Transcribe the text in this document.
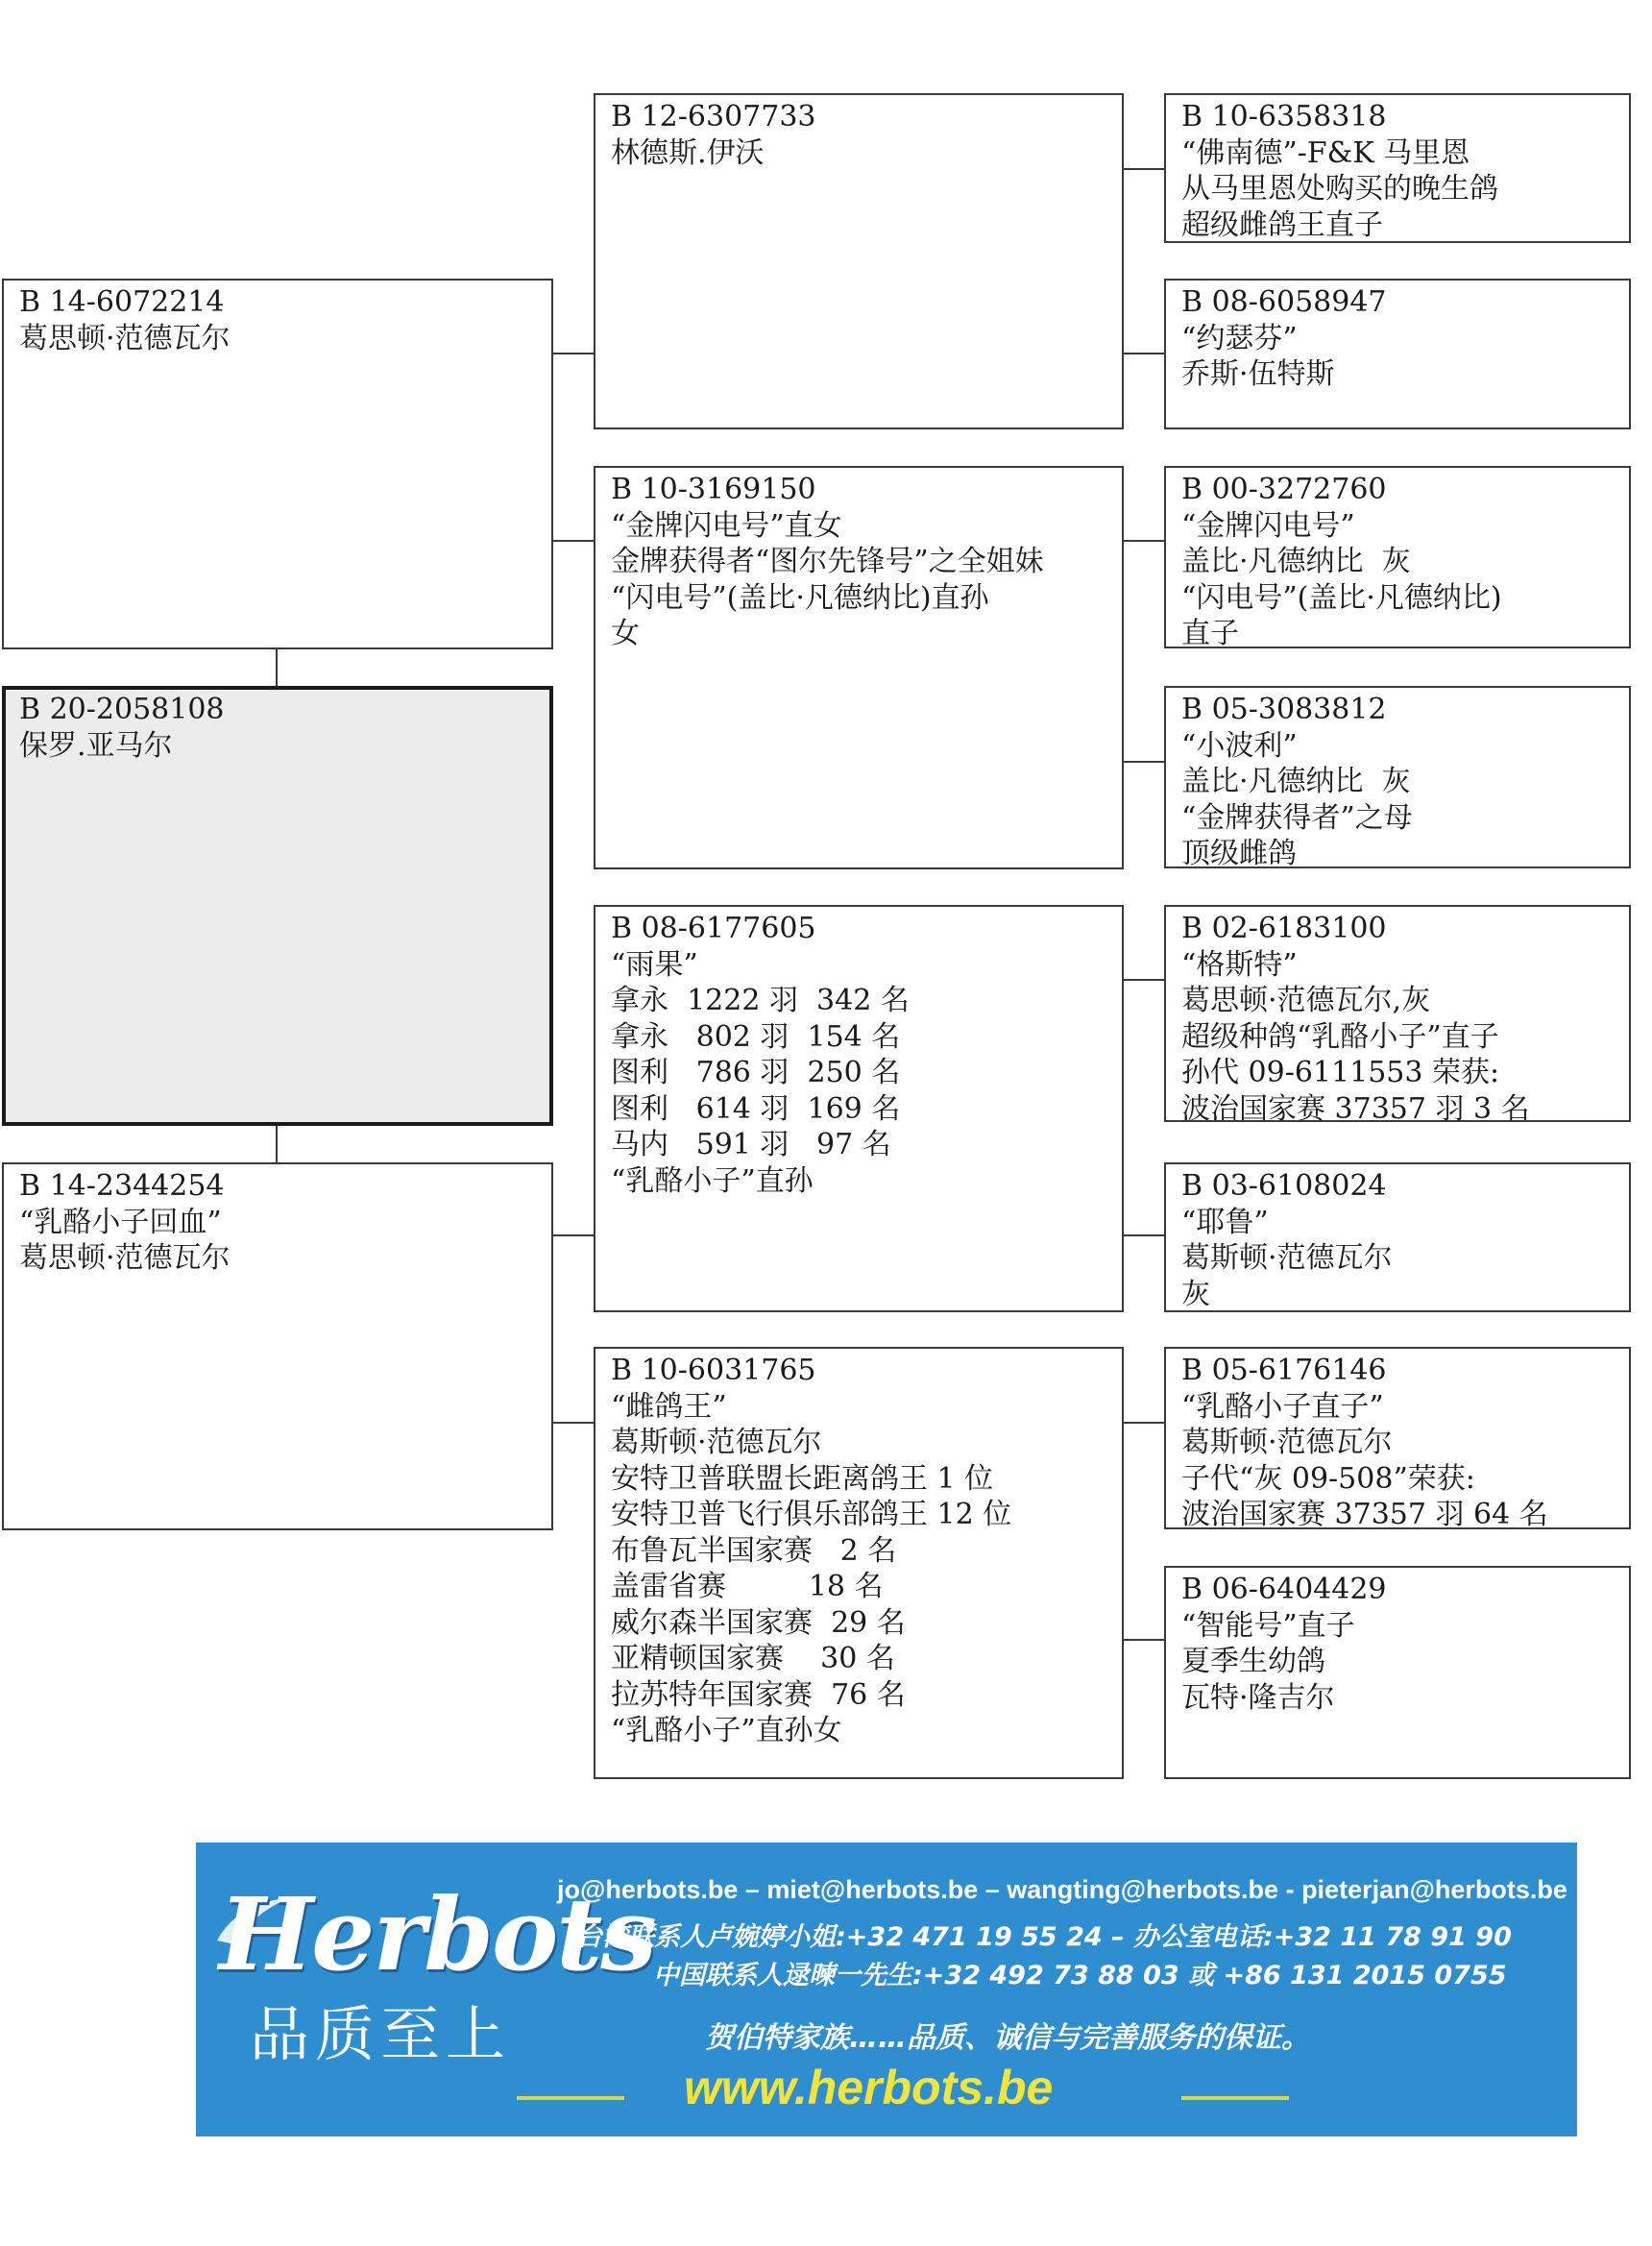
B 20-2058108
保罗.亚马尔
B 14-6072214
葛思顿·范德瓦尔
B 14-2344254
“乳酪小子回血”
葛思顿·范德瓦尔
B 12-6307733
林德斯.伊沃
B 10-3169150
“金牌闪电号”直女
金牌获得者“图尔先锋号”之全姐妹
“闪电号”(盖比·凡德纳比)直孙
女
B 08-6177605
“雨果”
拿永  1222 羽  342 名
拿永   802 羽  154 名
图利   786 羽  250 名
图利   614 羽  169 名
马内   591 羽   97 名
“乳酪小子”直孙
B 10-6031765
“雌鸽王”
葛斯顿·范德瓦尔
安特卫普联盟长距离鸽王 1 位
安特卫普飞行俱乐部鸽王 12 位
布鲁瓦半国家赛   2 名
盖雷省赛         18 名
威尔森半国家赛  29 名
亚精顿国家赛    30 名
拉苏特年国家赛  76 名
“乳酪小子”直孙女
B 10-6358318
“佛南德”-F&K 马里恩
从马里恩处购买的晚生鸽
超级雌鸽王直子
B 08-6058947
“约瑟芬”
乔斯·伍特斯
B 00-3272760
“金牌闪电号”
盖比·凡德纳比  灰
“闪电号”(盖比·凡德纳比)
直子
B 05-3083812
“小波利”
盖比·凡德纳比  灰
“金牌获得者”之母
顶级雌鸽
B 02-6183100
“格斯特”
葛思顿·范德瓦尔,灰
超级种鸽“乳酪小子”直子
孙代 09-6111553 荣获:
波治国家赛 37357 羽 3 名
B 03-6108024
“耶鲁”
葛斯顿·范德瓦尔
灰
B 05-6176146
“乳酪小子直子”
葛斯顿·范德瓦尔
子代“灰 09-508”荣获:
波治国家赛 37357 羽 64 名
B 06-6404429
“智能号”直子
夏季生幼鸽
瓦特·隆吉尔
Herbots
品质至上
jo@herbots.be – miet@herbots.be – wangting@herbots.be - pieterjan@herbots.be
台湾联系人卢婉婷小姐:+32 471 19 55 24 – 办公室电话:+32 11 78 91 90
中国联系人逯暕一先生:+32 492 73 88 03 或 +86 131 2015 0755
贺伯特家族……品质、诚信与完善服务的保证。
www.herbots.be
